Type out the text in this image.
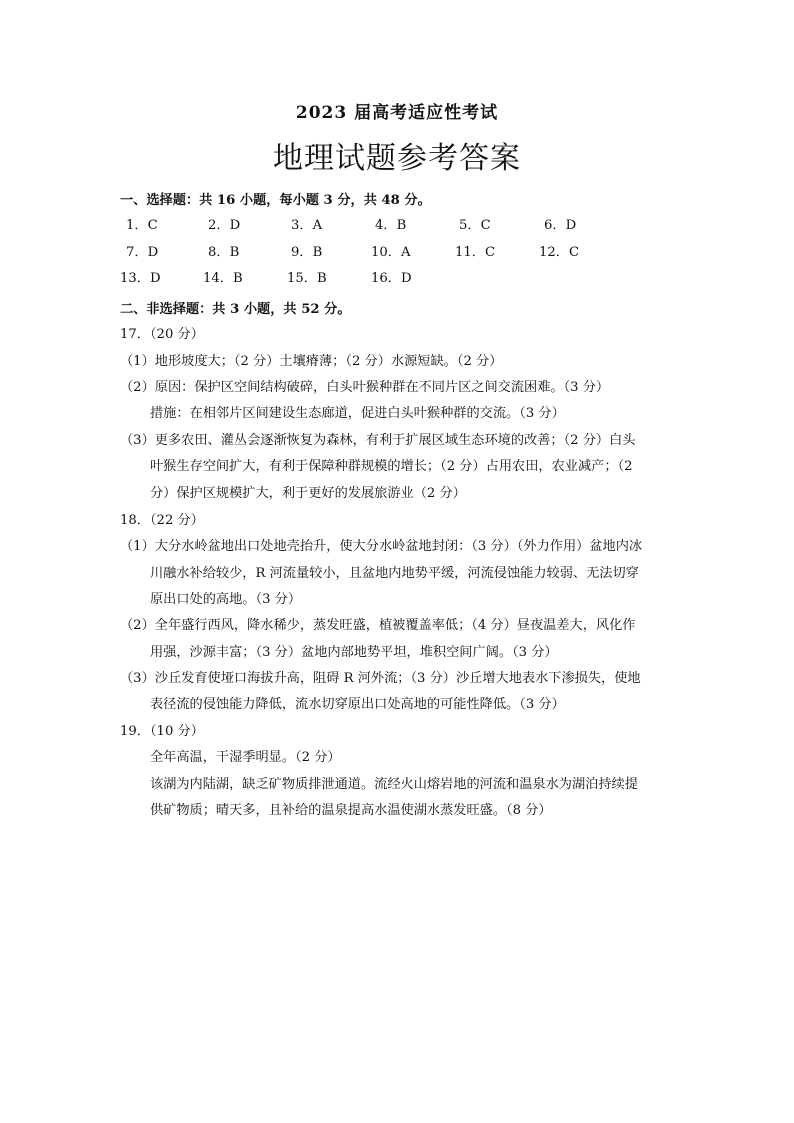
2023 届高考适应性考试
地理试题参考答案
一、选择题：共 16 小题，每小题 3 分，共 48 分。
1．C	2．D	3．A	4．B	5．C	6．D
7．D	8．B	9．B	10．A	11．C	12．C
13．D	14．B	15．B	16．D
二、非选择题：共 3 小题，共 52 分。
17．（20 分）
（1）地形坡度大；（2 分）土壤瘠薄；（2 分）水源短缺。（2 分）
（2）原因：保护区空间结构破碎，白头叶猴种群在不同片区之间交流困难。（3 分）
措施：在相邻片区间建设生态廊道，促进白头叶猴种群的交流。（3 分）
（3）更多农田、灌丛会逐渐恢复为森林，有利于扩展区域生态环境的改善；（2 分）白头
叶猴生存空间扩大，有利于保障种群规模的增长；（2 分）占用农田，农业减产；（2
分）保护区规模扩大，利于更好的发展旅游业（2 分）
18．（22 分）
（1）大分水岭盆地出口处地壳抬升，使大分水岭盆地封闭：（3 分）（外力作用）盆地内冰
川融水补给较少，R 河流量较小，且盆地内地势平缓，河流侵蚀能力较弱、无法切穿
原出口处的高地。（3 分）
（2）全年盛行西风，降水稀少，蒸发旺盛，植被覆盖率低；（4 分）昼夜温差大，风化作
用强，沙源丰富；（3 分）盆地内部地势平坦，堆积空间广阔。（3 分）
（3）沙丘发育使垭口海拔升高，阻碍 R 河外流；（3 分）沙丘增大地表水下渗损失，使地
表径流的侵蚀能力降低，流水切穿原出口处高地的可能性降低。（3 分）
19．（10 分）
全年高温，干湿季明显。（2 分）
该湖为内陆湖，缺乏矿物质排泄通道。流经火山熔岩地的河流和温泉水为湖泊持续提
供矿物质；晴天多，且补给的温泉提高水温使湖水蒸发旺盛。（8 分）
